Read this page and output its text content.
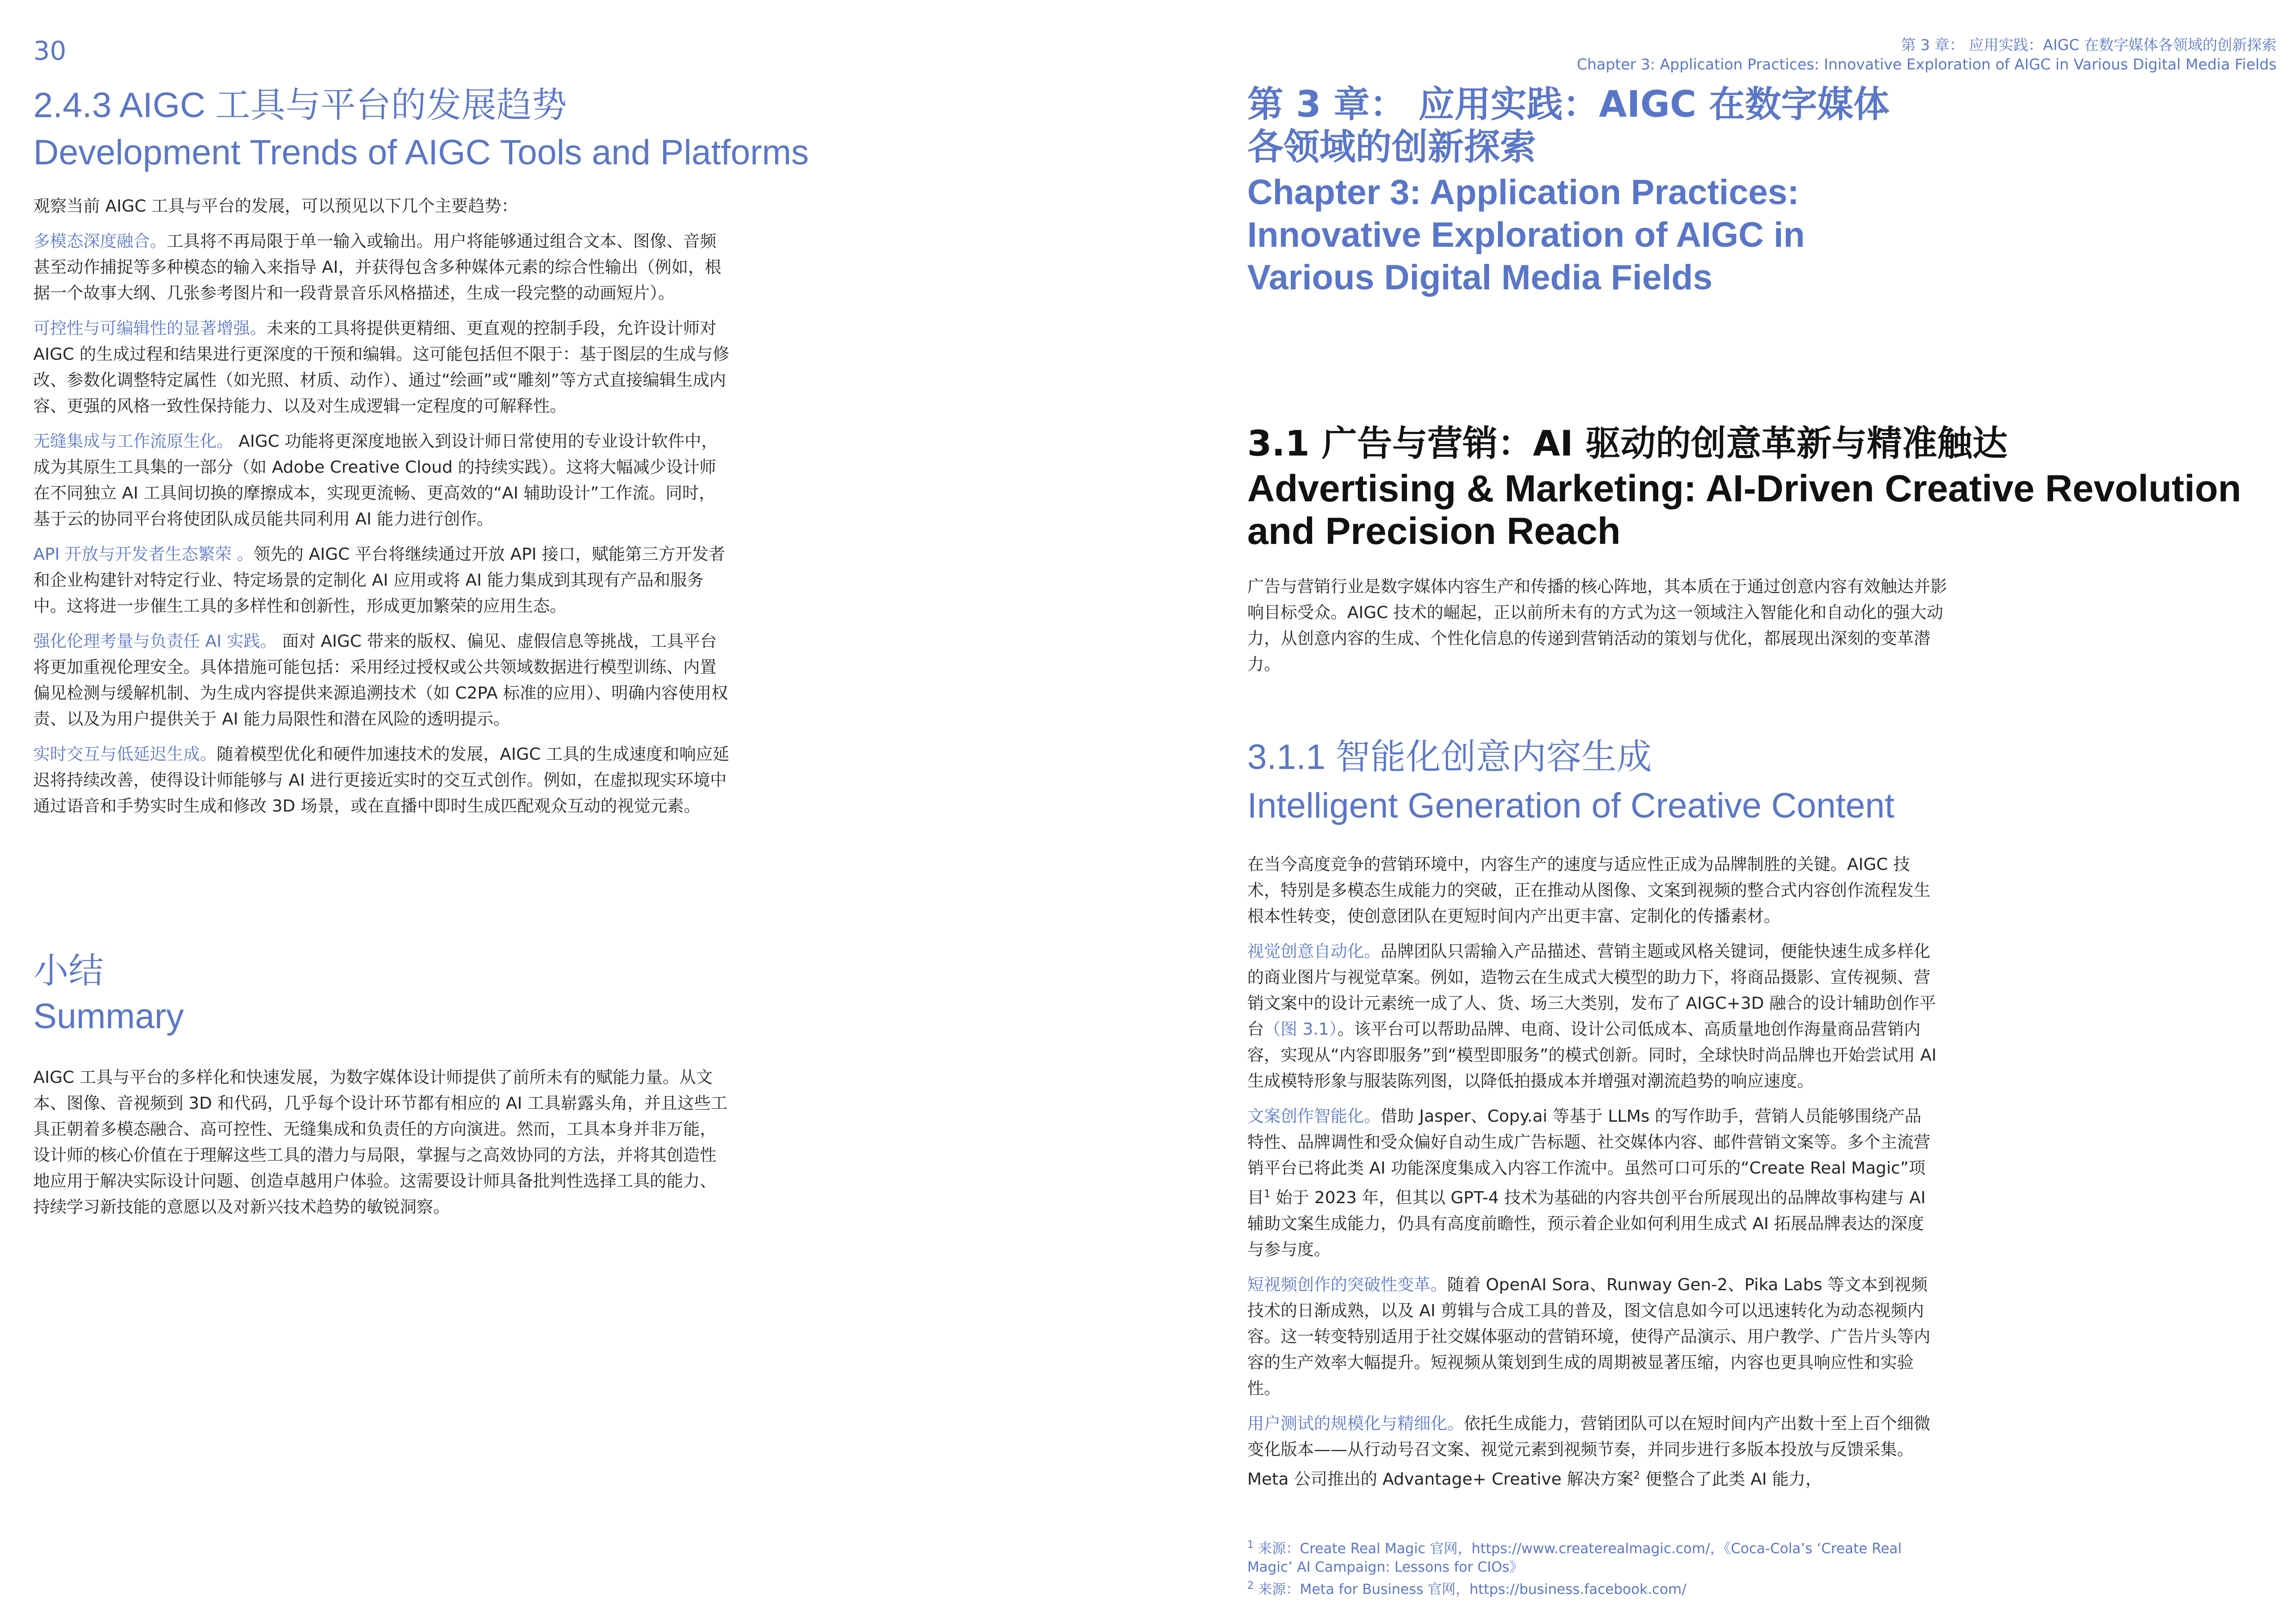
30
2.4.3 AIGC 工具与平台的发展趋势
Development Trends of AIGC Tools and Platforms
观察当前 AIGC 工具与平台的发展，可以预见以下几个主要趋势：

多模态深度融合。工具将不再局限于单一输入或输出。用户将能够通过组合文本、图像、音频甚至动作捕捉等多种模态的输入来指导 AI，并获得包含多种媒体元素的综合性输出（例如，根据一个故事大纲、几张参考图片和一段背景音乐风格描述，生成一段完整的动画短片）。

可控性与可编辑性的显著增强。未来的工具将提供更精细、更直观的控制手段，允许设计师对 AIGC 的生成过程和结果进行更深度的干预和编辑。这可能包括但不限于：基于图层的生成与修改、参数化调整特定属性（如光照、材质、动作）、通过“绘画”或“雕刻”等方式直接编辑生成内容、更强的风格一致性保持能力、以及对生成逻辑一定程度的可解释性。

无缝集成与工作流原生化。 AIGC 功能将更深度地嵌入到设计师日常使用的专业设计软件中，成为其原生工具集的一部分（如 Adobe Creative Cloud 的持续实践）。这将大幅减少设计师在不同独立 AI 工具间切换的摩擦成本，实现更流畅、更高效的“AI 辅助设计”工作流。同时，基于云的协同平台将使团队成员能共同利用 AI 能力进行创作。

API 开放与开发者生态繁荣 。领先的 AIGC 平台将继续通过开放 API 接口，赋能第三方开发者和企业构建针对特定行业、特定场景的定制化 AI 应用或将 AI 能力集成到其现有产品和服务中。这将进一步催生工具的多样性和创新性，形成更加繁荣的应用生态。

强化伦理考量与负责任 AI 实践。 面对 AIGC 带来的版权、偏见、虚假信息等挑战，工具平台将更加重视伦理安全。具体措施可能包括：采用经过授权或公共领域数据进行模型训练、内置偏见检测与缓解机制、为生成内容提供来源追溯技术（如 C2PA 标准的应用）、明确内容使用权责、以及为用户提供关于 AI 能力局限性和潜在风险的透明提示。

实时交互与低延迟生成。随着模型优化和硬件加速技术的发展，AIGC 工具的生成速度和响应延迟将持续改善，使得设计师能够与 AI 进行更接近实时的交互式创作。例如，在虚拟现实环境中通过语音和手势实时生成和修改 3D 场景，或在直播中即时生成匹配观众互动的视觉元素。

小结
Summary
AIGC 工具与平台的多样化和快速发展，为数字媒体设计师提供了前所未有的赋能力量。从文本、图像、音视频到 3D 和代码，几乎每个设计环节都有相应的 AI 工具崭露头角，并且这些工具正朝着多模态融合、高可控性、无缝集成和负责任的方向演进。然而，工具本身并非万能，设计师的核心价值在于理解这些工具的潜力与局限，掌握与之高效协同的方法，并将其创造性地应用于解决实际设计问题、创造卓越用户体验。这需要设计师具备批判性选择工具的能力、持续学习新技能的意愿以及对新兴技术趋势的敏锐洞察。
第 3 章： 应用实践：AIGC 在数字媒体各领域的创新探索
Chapter 3: Application Practices: Innovative Exploration of AIGC in Various Digital Media Fields
第 3 章： 应用实践：AIGC 在数字媒体各领域的创新探索
Chapter 3: Application Practices: Innovative Exploration of AIGC in Various Digital Media Fields
3.1 广告与营销：AI 驱动的创意革新与精准触达
Advertising & Marketing: AI-Driven Creative Revolution and Precision Reach
广告与营销行业是数字媒体内容生产和传播的核心阵地，其本质在于通过创意内容有效触达并影响目标受众。AIGC 技术的崛起，正以前所未有的方式为这一领域注入智能化和自动化的强大动力，从创意内容的生成、个性化信息的传递到营销活动的策划与优化，都展现出深刻的变革潜力。
3.1.1 智能化创意内容生成
Intelligent Generation of Creative Content

在当今高度竞争的营销环境中，内容生产的速度与适应性正成为品牌制胜的关键。AIGC 技术，特别是多模态生成能力的突破，正在推动从图像、文案到视频的整合式内容创作流程发生根本性转变，使创意团队在更短时间内产出更丰富、定制化的传播素材。

视觉创意自动化。品牌团队只需输入产品描述、营销主题或风格关键词，便能快速生成多样化的商业图片与视觉草案。例如，造物云在生成式大模型的助力下，将商品摄影、宣传视频、营销文案中的设计元素统一成了人、货、场三大类别，发布了 AIGC+3D 融合的设计辅助创作平台（图 3.1）。该平台可以帮助品牌、电商、设计公司低成本、高质量地创作海量商品营销内容，实现从“内容即服务”到“模型即服务”的模式创新。同时，全球快时尚品牌也开始尝试用 AI 生成模特形象与服装陈列图，以降低拍摄成本并增强对潮流趋势的响应速度。

文案创作智能化。借助 Jasper、Copy.ai 等基于 LLMs 的写作助手，营销人员能够围绕产品特性、品牌调性和受众偏好自动生成广告标题、社交媒体内容、邮件营销文案等。多个主流营销平台已将此类 AI 功能深度集成入内容工作流中。虽然可口可乐的“Create Real Magic”项目$^1$ 始于 2023 年，但其以 GPT-4 技术为基础的内容共创平台所展现出的品牌故事构建与 AI 辅助文案生成能力，仍具有高度前瞻性，预示着企业如何利用生成式 AI 拓展品牌表达的深度与参与度。

短视频创作的突破性变革。随着 OpenAI Sora、Runway Gen-2、Pika Labs 等文本到视频技术的日渐成熟，以及 AI 剪辑与合成工具的普及，图文信息如今可以迅速转化为动态视频内容。这一转变特别适用于社交媒体驱动的营销环境，使得产品演示、用户教学、广告片头等内容的生产效率大幅提升。短视频从策划到生成的周期被显著压缩，内容也更具响应性和实验性。

用户测试的规模化与精细化。依托生成能力，营销团队可以在短时间内产出数十至上百个细微变化版本——从行动号召文案、视觉元素到视频节奏，并同步进行多版本投放与反馈采集。Meta 公司推出的 Advantage+ Creative 解决方案$^2$ 便整合了此类 AI 能力，

$^1$ 来源：Create Real Magic 官网，https://www.createrealmagic.com/，《Coca-Cola’s ‘Create Real Magic’ AI Campaign: Lessons for CIOs》

$^2$ 来源：Meta for Business 官网，https://business.facebook.com/
